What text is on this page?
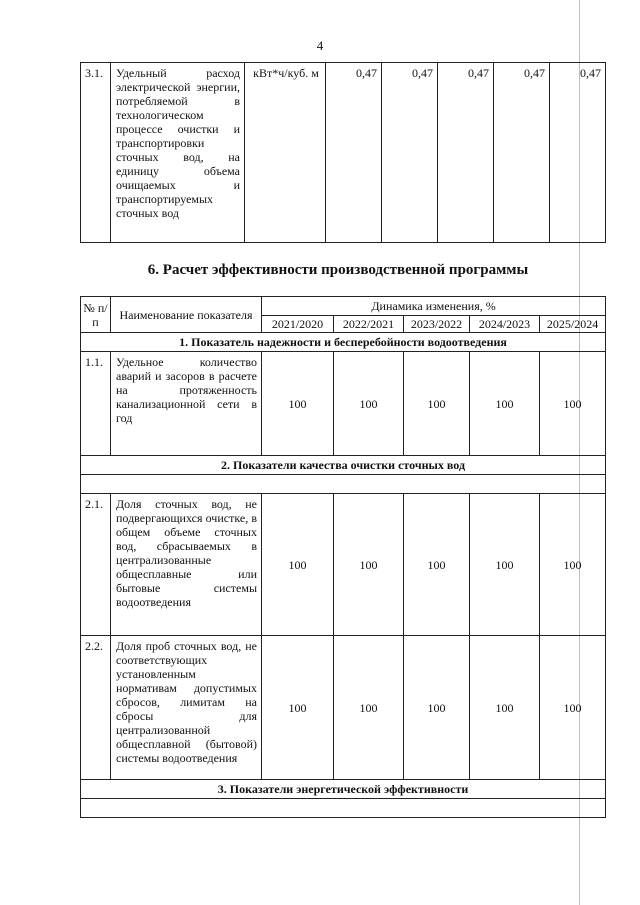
4
3.1.	Удельный расход электрической энергии, потребляемой в технологическом процессе очистки и транспортировки сточных вод, на единицу объема очищаемых и транспортируемых сточных вод	кВт*ч/куб. м	0,47	0,47	0,47	0,47	0,47
6. Расчет эффективности производственной программы
№ п/п	Наименование показателя	Динамика изменения, %				
		2021/2020	2022/2021	2023/2022	2024/2023	2025/2024
1. Показатель надежности и бесперебойности водоотведения						
1.1.	Удельное количество аварий и засоров в расчете на протяженность канализационной сети в год	100	100	100	100	100
2. Показатели качества очистки сточных вод						

2.1.	Доля сточных вод, не подвергающихся очистке, в общем объеме сточных вод, сбрасываемых в централизованные общесплавные или бытовые системы водоотведения	100	100	100	100	100
2.2.	Доля проб сточных вод, не соответствующих установленным нормативам допустимых сбросов, лимитам на сбросы для централизованной общесплавной (бытовой) системы водоотведения	100	100	100	100	100
3. Показатели энергетической эффективности						
